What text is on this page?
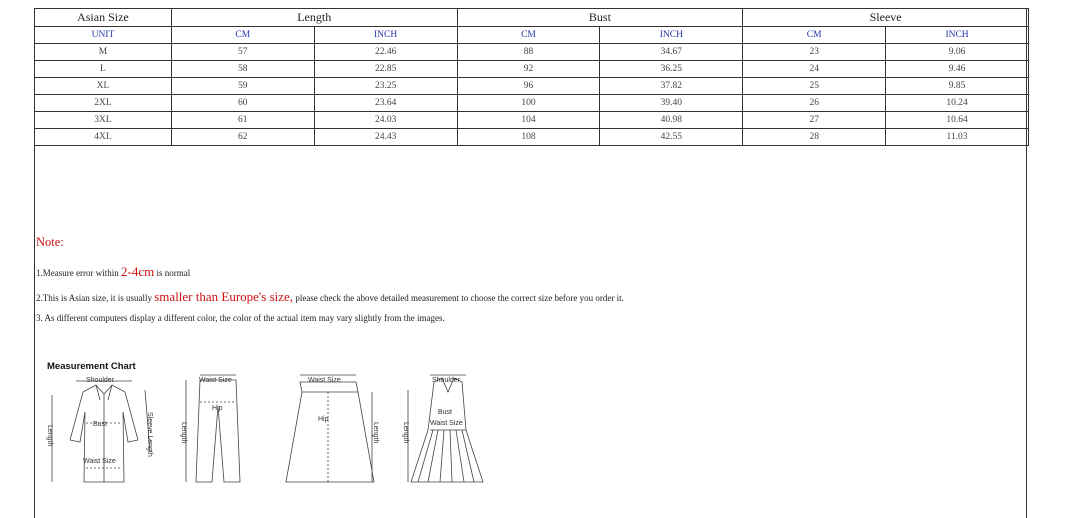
Asian Size	Length		Bust		Sleeve	
UNIT	CM	INCH	CM	INCH	CM	INCH
M	57	22.46	88	34.67	23	9.06
L	58	22.85	92	36.25	24	9.46
XL	59	23.25	96	37.82	25	9.85
2XL	60	23.64	100	39.40	26	10.24
3XL	61	24.03	104	40.98	27	10.64
4XL	62	24.43	108	42.55	28	11.03
Note:
1.Measure error within 2-4cm is normal
2.This is Asian size, it is usually smaller than Europe's size, please check the above detailed measurement to choose the correct size before you order it.
3. As different computers display a different color, the color of the actual item may vary slightly from the images.
Measurement Chart
Shoulder
Bust
Waist Size
Sleeve Length
Length
Waist Size
Hip
Length
Waist Size
Hip
Length
Shoulder
Bust
Waist Size
Length
